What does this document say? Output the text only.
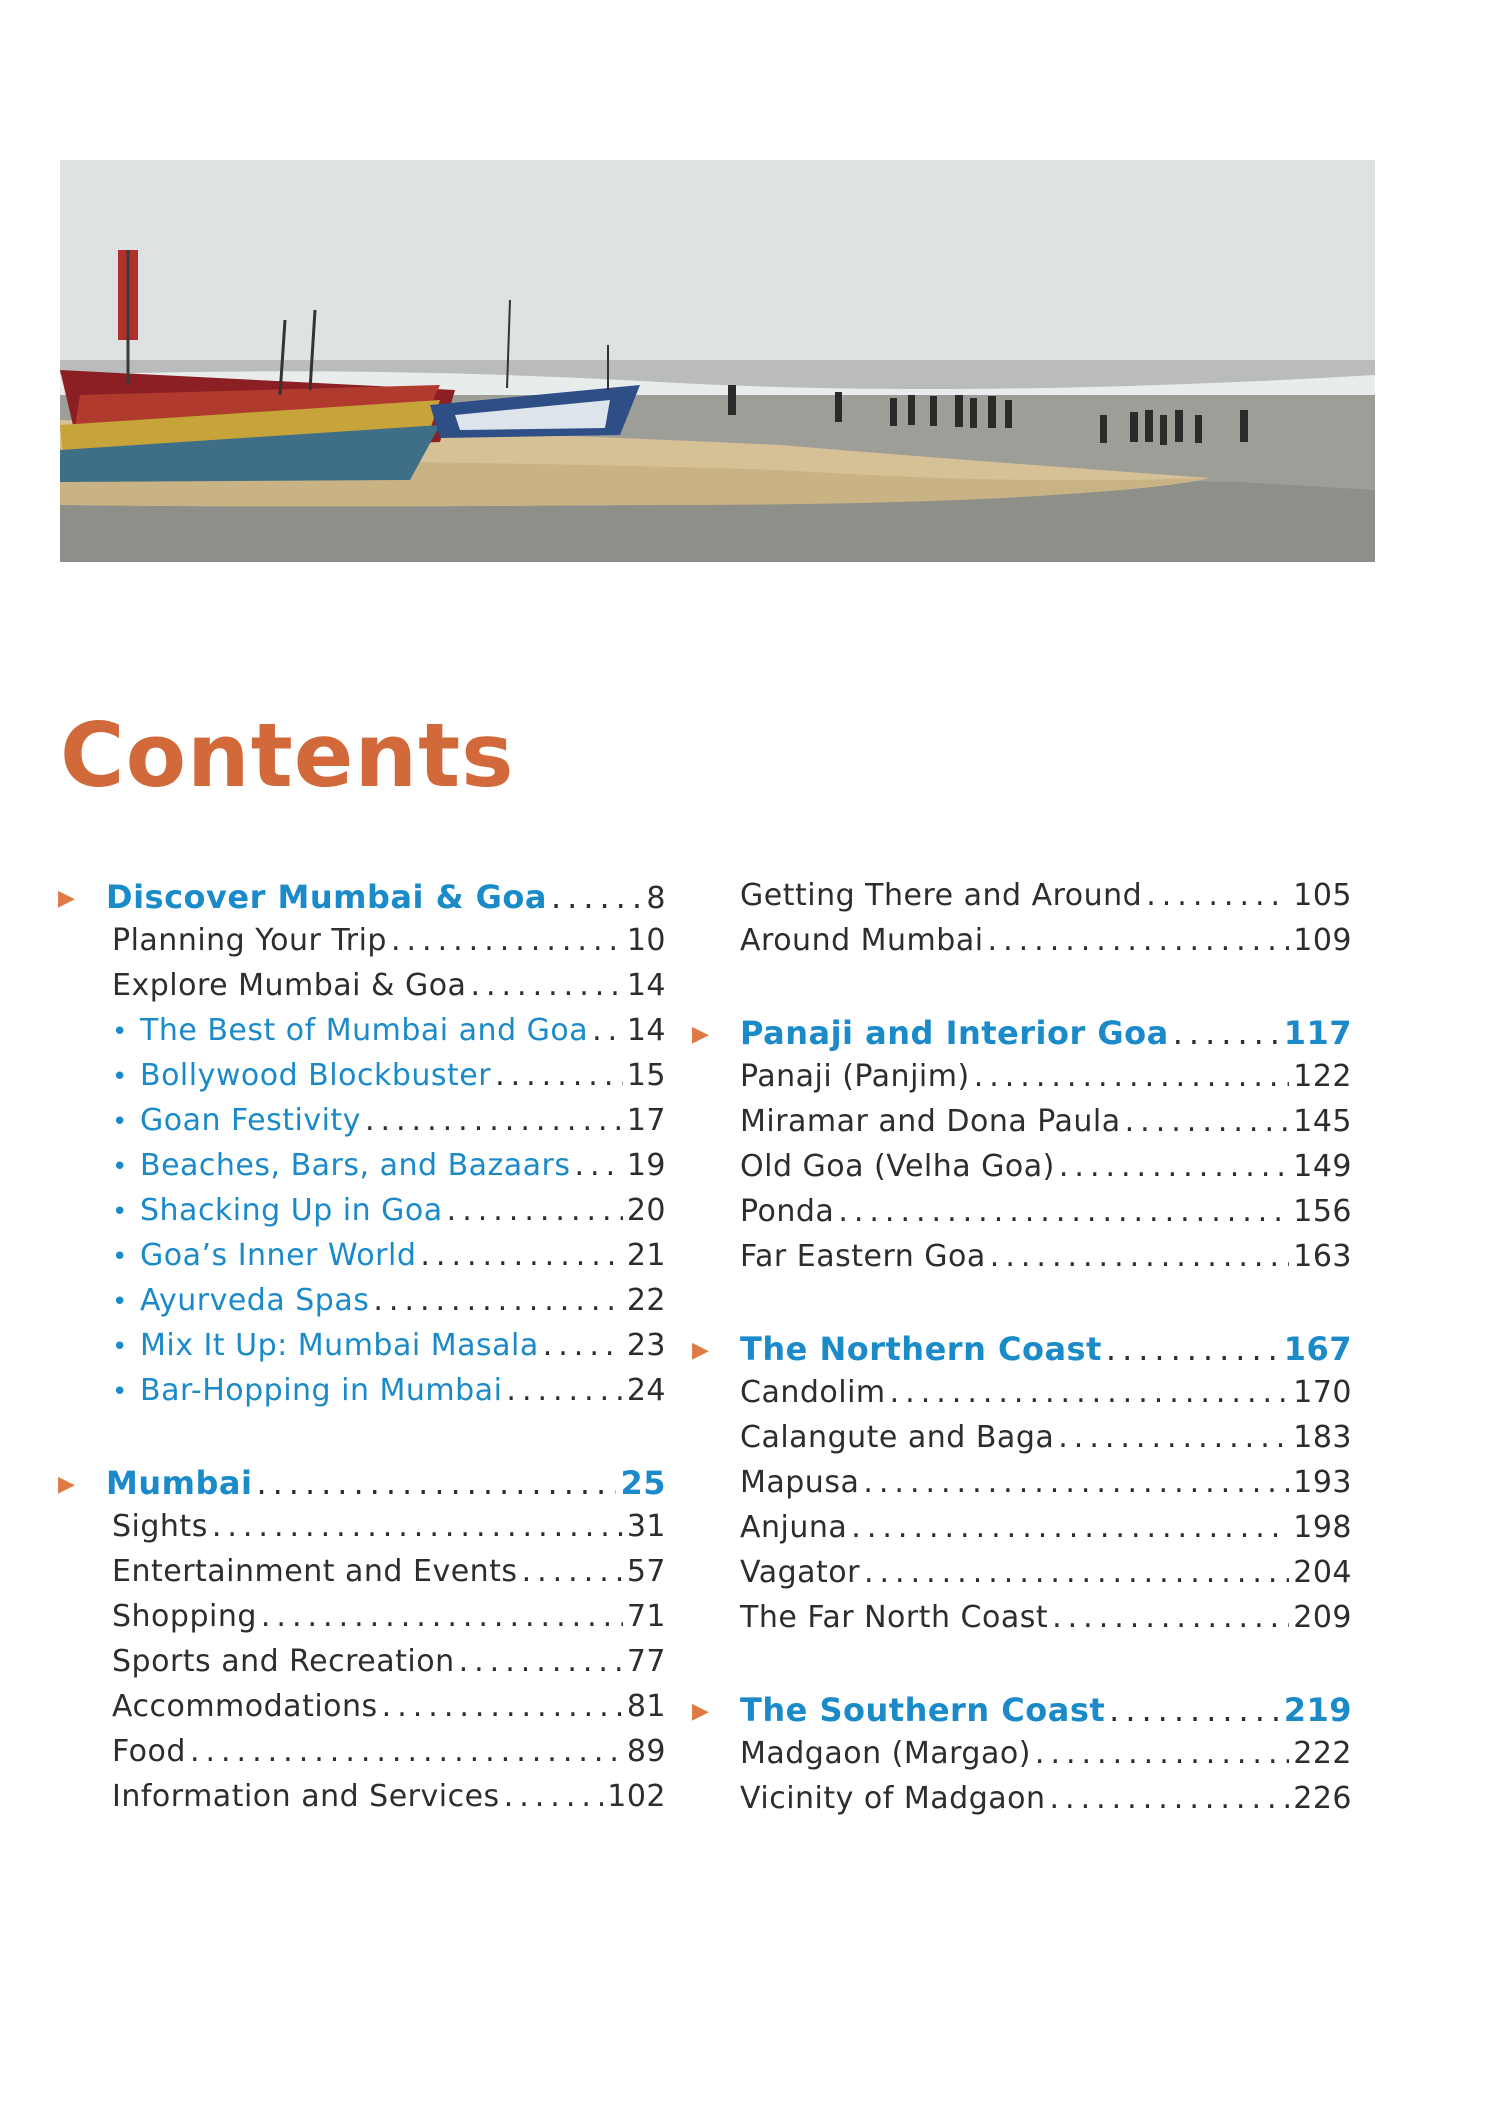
Contents
▶ Discover Mumbai & Goa .....	8
Planning Your Trip .....	10
Explore Mumbai & Goa .....	14
• The Best of Mumbai and Goa ..... 14
• Bollywood Blockbuster .....	15
• Goan Festivity .....	17
• Beaches, Bars, and Bazaars ..... 19
• Shacking Up in Goa .....	20
• Goa’s Inner World .....	21
• Ayurveda Spas .....	22
• Mix It Up: Mumbai Masala .....	23
• Bar-Hopping in Mumbai .....	24
▶ Mumbai .....	25
Sights .....	31
Entertainment and Events .....	57
Shopping .....	71
Sports and Recreation .....	77
Accommodations .....	81
Food .....	89
Information and Services .....	102
Getting There and Around .....	105
Around Mumbai .....	109
▶ Panaji and Interior Goa .....	117
Panaji (Panjim) .....	122
Miramar and Dona Paula .....	145
Old Goa (Velha Goa) .....	149
Ponda .....	156
Far Eastern Goa .....	163
▶ The Northern Coast .....	167
Candolim .....	170
Calangute and Baga .....	183
Mapusa .....	193
Anjuna .....	198
Vagator .....	204
The Far North Coast .....	209
▶ The Southern Coast .....	219
Madgaon (Margao) .....	222
Vicinity of Madgaon .....	226
